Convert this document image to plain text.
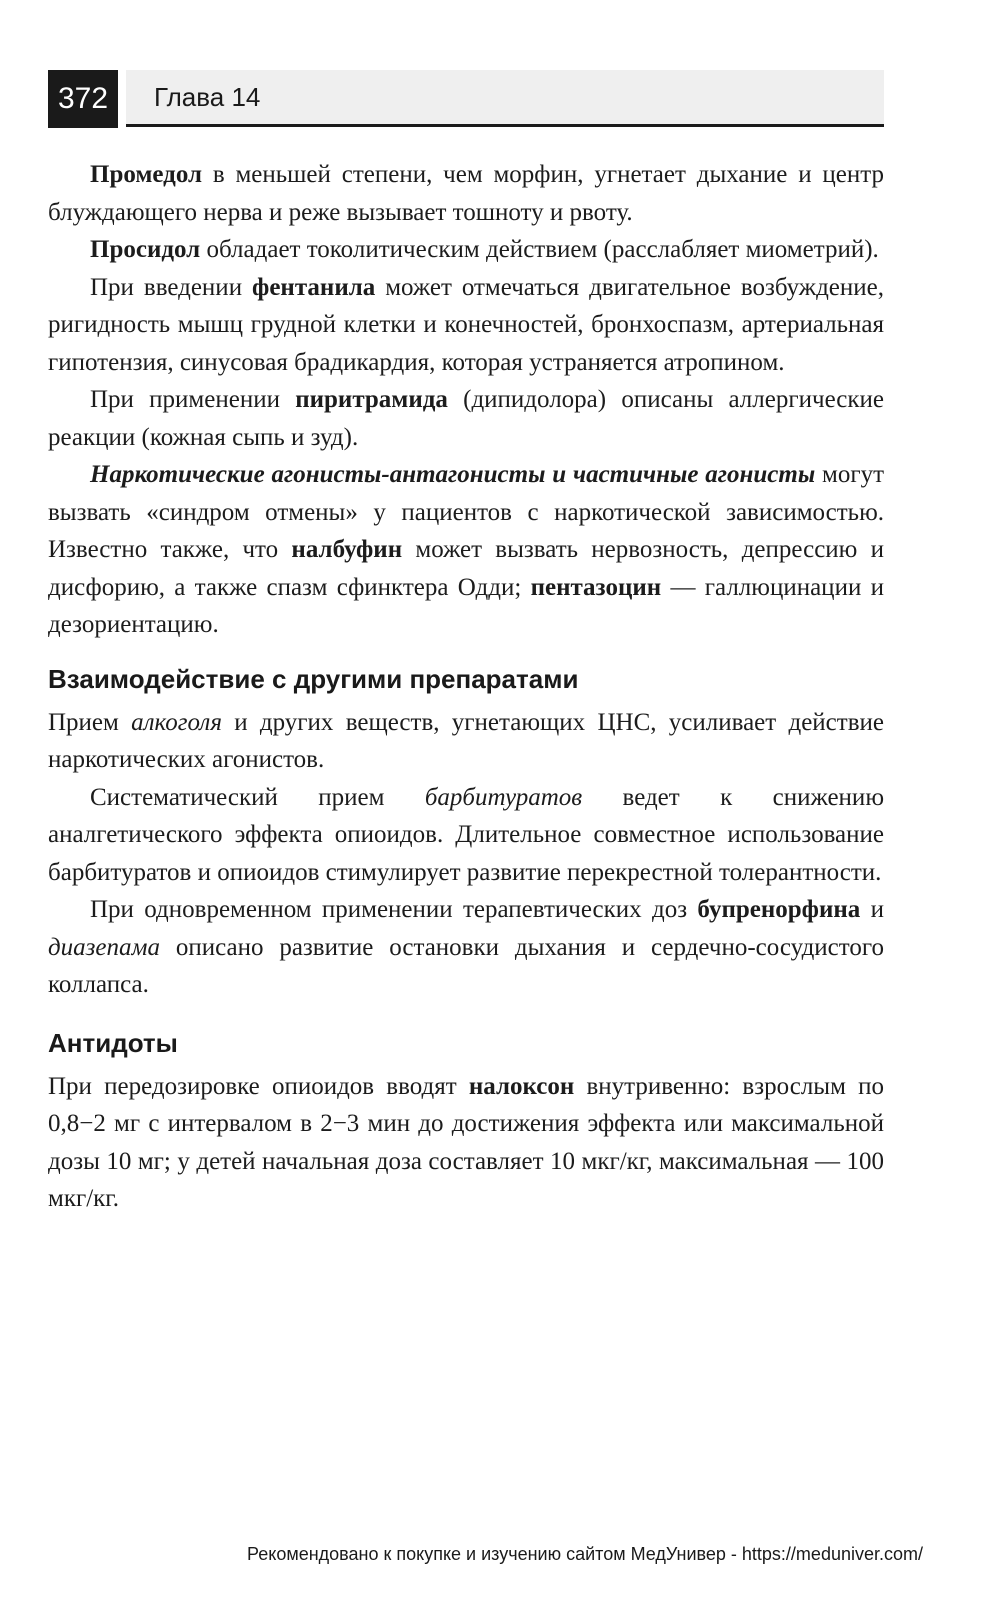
372	Глава 14

Промедол в меньшей степени, чем морфин, угнетает дыхание и центр блуждающего нерва и реже вызывает тошноту и рвоту.

Просидол обладает токолитическим действием (расслабляет миометрий).

При введении фентанила может отмечаться двигательное возбуждение, ригидность мышц грудной клетки и конечностей, бронхоспазм, артериальная гипотензия, синусовая брадикардия, которая устраняется атропином.

При применении пиритрамида (дипидолора) описаны аллергические реакции (кожная сыпь и зуд).

Наркотические агонисты-антагонисты и частичные агонисты могут вызвать «синдром отмены» у пациентов с наркотической зависимостью. Известно также, что налбуфин может вызвать нервозность, депрессию и дисфорию, а также спазм сфинктера Одди; пентазоцин — галлюцинации и дезориентацию.

Взаимодействие с другими препаратами

Прием алкоголя и других веществ, угнетающих ЦНС, усиливает действие наркотических агонистов.

Систематический прием барбитуратов ведет к снижению аналгетического эффекта опиоидов. Длительное совместное использование барбитуратов и опиоидов стимулирует развитие перекрестной толерантности.

При одновременном применении терапевтических доз бупренорфина и диазепама описано развитие остановки дыхания и сердечно-сосудистого коллапса.

Антидоты

При передозировке опиоидов вводят налоксон внутривенно: взрослым по 0,8−2 мг с интервалом в 2−3 мин до достижения эффекта или максимальной дозы 10 мг; у детей начальная доза составляет 10 мкг/кг, максимальная — 100 мкг/кг.

Рекомендовано к покупке и изучению сайтом МедУнивер - https://meduniver.com/
